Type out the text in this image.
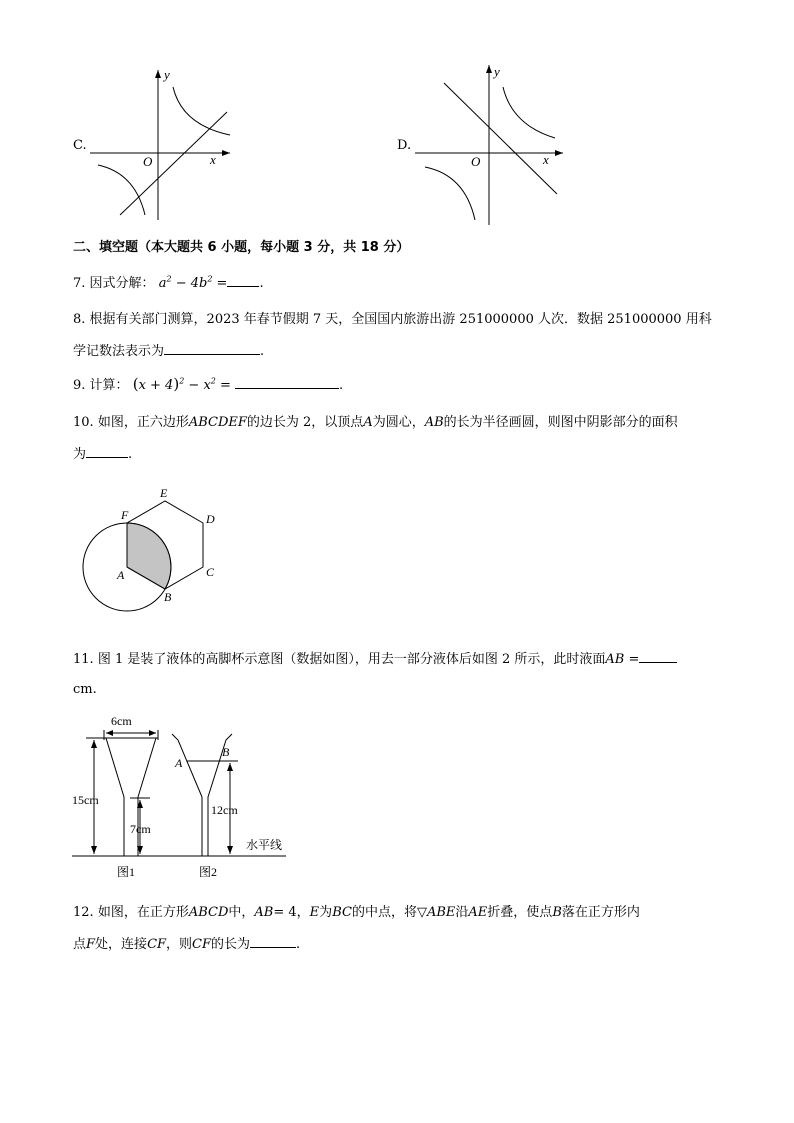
C.
y
x
O
D.
y
x
O
二、填空题（本大题共 6 小题，每小题 3 分，共 18 分）
7. 因式分解： $a^2 - 4b^2$ = .
8. 根据有关部门测算，2023 年春节假期 7 天，全国国内旅游出游 251000000 人次．数据 251000000 用科
学记数法表示为	.
9. 计算： $(x + 4)^2 - x^2$ =	.
10. 如图，正六边形ABCDEF的边长为 2，以顶点A为圆心，AB的长为半径画圆，则图中阴影部分的面积
为	.
A
B
C
D
E
F
11. 图 1 是装了液体的高脚杯示意图（数据如图），用去一部分液体后如图 2 所示，此时液面AB =
cm.
水平线
6cm
15cm
7cm
A
B
12cm
图1	图2
12. 如图，在正方形ABCD中，AB= 4，E为BC的中点，将▽ABE沿AE折叠，使点B落在正方形内
点F处，连接CF，则CF的长为	.
